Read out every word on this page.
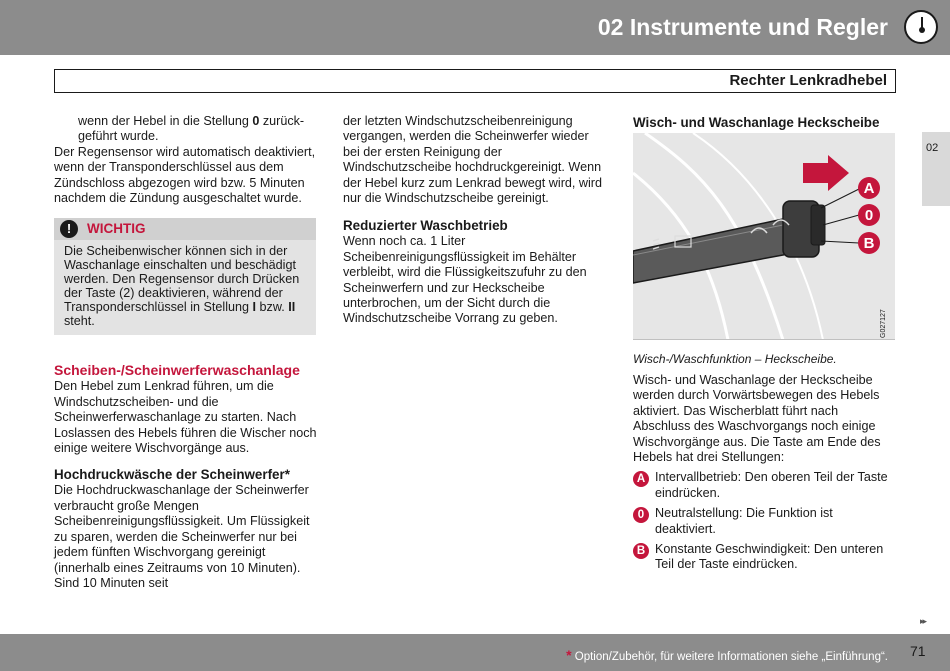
02 Instrumente und Regler
Rechter Lenkradhebel
02

wenn der Hebel in die Stellung 0 zurück-
geführt wurde.

Der Regensensor wird automatisch deaktiviert, wenn der Transponderschlüssel aus dem Zündschloss abgezogen wird bzw. 5 Minuten nachdem die Zündung ausgeschaltet wurde.

!	WICHTIG
Die Scheibenwischer können sich in der Waschanlage einschalten und beschädigt werden. Den Regensensor durch Drücken der Taste (2) deaktivieren, während der Transponderschlüssel in Stellung I bzw. II steht.
Scheiben-/Scheinwerferwaschanlage

Den Hebel zum Lenkrad führen, um die Windschutzscheiben- und die Scheinwerferwaschanlage zu starten. Nach Loslassen des Hebels führen die Wischer noch einige weitere Wischvorgänge aus.

Hochdruckwäsche der Scheinwerfer*

Die Hochdruckwaschanlage der Scheinwerfer verbraucht große Mengen Scheibenreinigungsflüssigkeit. Um Flüssigkeit zu sparen, werden die Scheinwerfer nur bei jedem fünften Wischvorgang gereinigt (innerhalb eines Zeitraums von 10 Minuten). Sind 10 Minuten seit

der letzten Windschutzscheibenreinigung vergangen, werden die Scheinwerfer wieder bei der ersten Reinigung der Windschutzscheibe hochdruckgereinigt. Wenn der Hebel kurz zum Lenkrad bewegt wird, wird nur die Windschutzscheibe gereinigt.

Reduzierter Waschbetrieb

Wenn noch ca. 1 Liter Scheibenreinigungsflüssigkeit im Behälter verbleibt, wird die Flüssigkeitszufuhr zu den Scheinwerfern und zur Heckscheibe unterbrochen, um der Sicht durch die Windschutzscheibe Vorrang zu geben.

Wisch- und Waschanlage Heckscheibe
A
0
B
G027127
Wisch-/Waschfunktion – Heckscheibe.

Wisch- und Waschanlage der Heckscheibe werden durch Vorwärtsbewegen des Hebels aktiviert. Das Wischerblatt führt nach Abschluss des Waschvorgangs noch einige Wischvorgänge aus. Die Taste am Ende des Hebels hat drei Stellungen:

A Intervallbetrieb: Den oberen Teil der Taste eindrücken.
0 Neutralstellung: Die Funktion ist deaktiviert.
B Konstante Geschwindigkeit: Den unteren Teil der Taste eindrücken.
▸▸
* Option/Zubehör, für weitere Informationen siehe „Einführung“. 71
